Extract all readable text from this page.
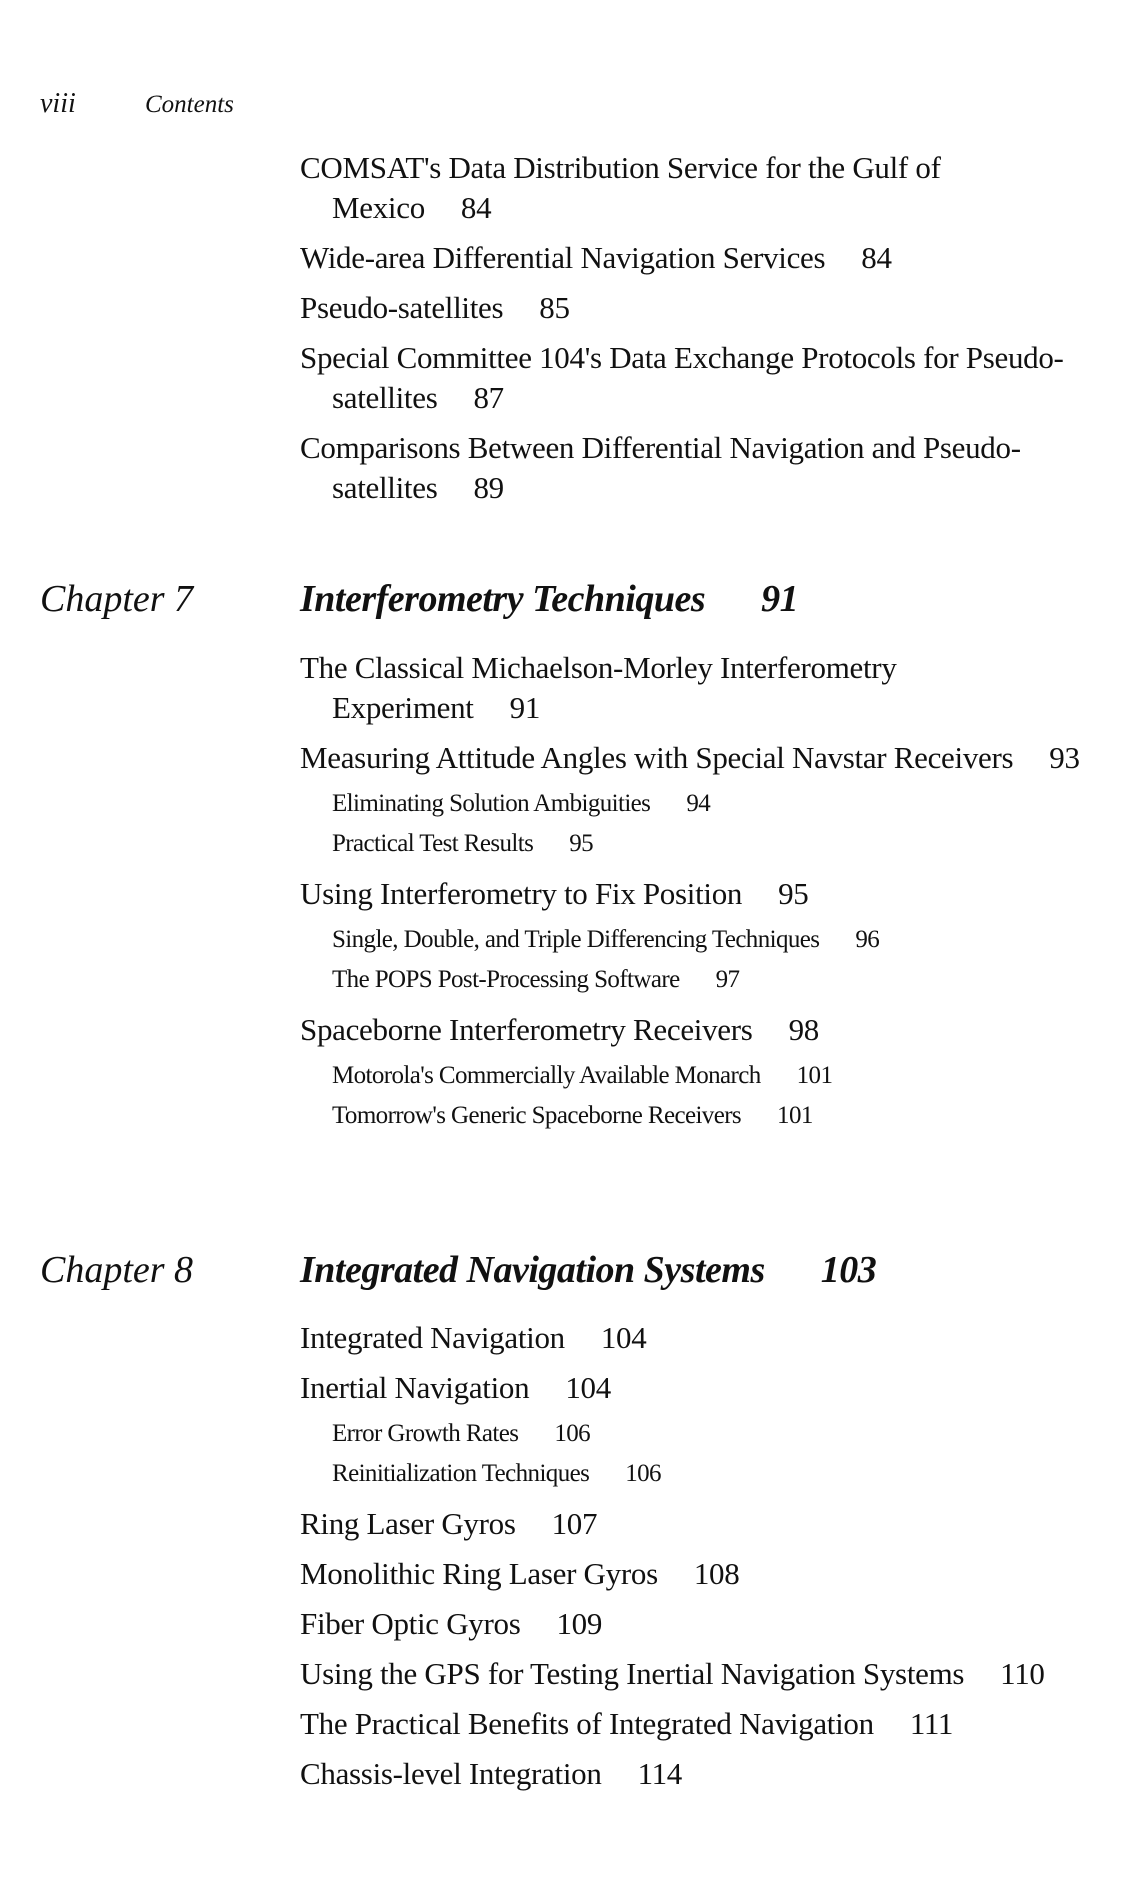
viii	Contents
COMSAT's Data Distribution Service for the Gulf of Mexico 84
Wide-area Differential Navigation Services 84
Pseudo-satellites 85
Special Committee 104's Data Exchange Protocols for Pseudo-satellites 87
Comparisons Between Differential Navigation and Pseudo-satellites 89
Chapter 7	Interferometry Techniques 91
The Classical Michaelson-Morley Interferometry Experiment 91
Measuring Attitude Angles with Special Navstar Receivers 93
Eliminating Solution Ambiguities 94
Practical Test Results 95
Using Interferometry to Fix Position 95
Single, Double, and Triple Differencing Techniques 96
The POPS Post-Processing Software 97
Spaceborne Interferometry Receivers 98
Motorola's Commercially Available Monarch 101
Tomorrow's Generic Spaceborne Receivers 101
Chapter 8	Integrated Navigation Systems 103
Integrated Navigation 104
Inertial Navigation 104
Error Growth Rates 106
Reinitialization Techniques 106
Ring Laser Gyros 107
Monolithic Ring Laser Gyros 108
Fiber Optic Gyros 109
Using the GPS for Testing Inertial Navigation Systems 110
The Practical Benefits of Integrated Navigation 111
Chassis-level Integration 114
